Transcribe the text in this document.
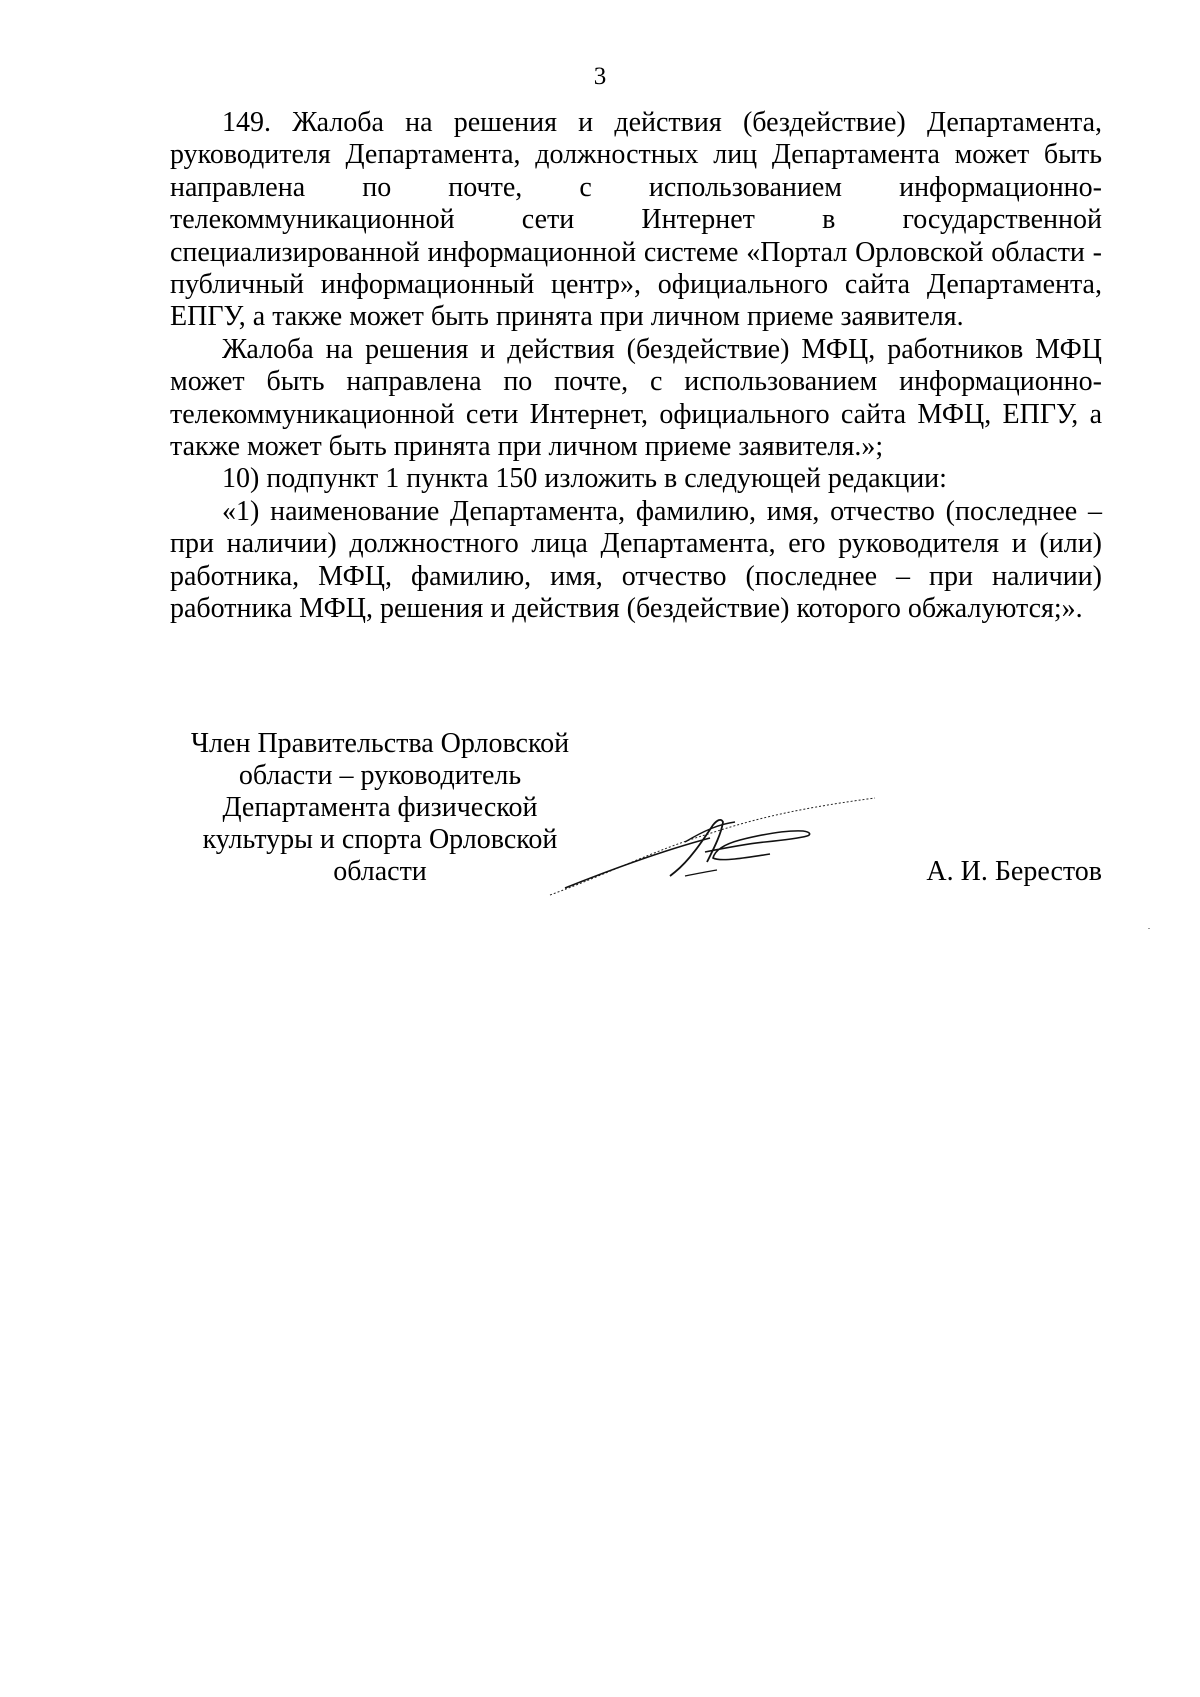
3

149. Жалоба на решения и действия (бездействие) Департамента, руководителя Департамента, должностных лиц Департамента может быть направлена по почте, с использованием информационно-телекоммуникационной сети Интернет в государственной специализированной информационной системе «Портал Орловской области - публичный информационный центр», официального сайта Департамента, ЕПГУ, а также может быть принята при личном приеме заявителя.

Жалоба на решения и действия (бездействие) МФЦ, работников МФЦ может быть направлена по почте, с использованием информационно-телекоммуникационной сети Интернет, официального сайта МФЦ, ЕПГУ, а также может быть принята при личном приеме заявителя.»;

10) подпункт 1 пункта 150 изложить в следующей редакции:

«1) наименование Департамента, фамилию, имя, отчество (последнее – при наличии) должностного лица Департамента, его руководителя и (или) работника, МФЦ, фамилию, имя, отчество (последнее – при наличии) работника МФЦ, решения и действия (бездействие) которого обжалуются;».

Член Правительства Орловской
области – руководитель
Департамента физической
культуры и спорта Орловской
области	А. И. Берестов
